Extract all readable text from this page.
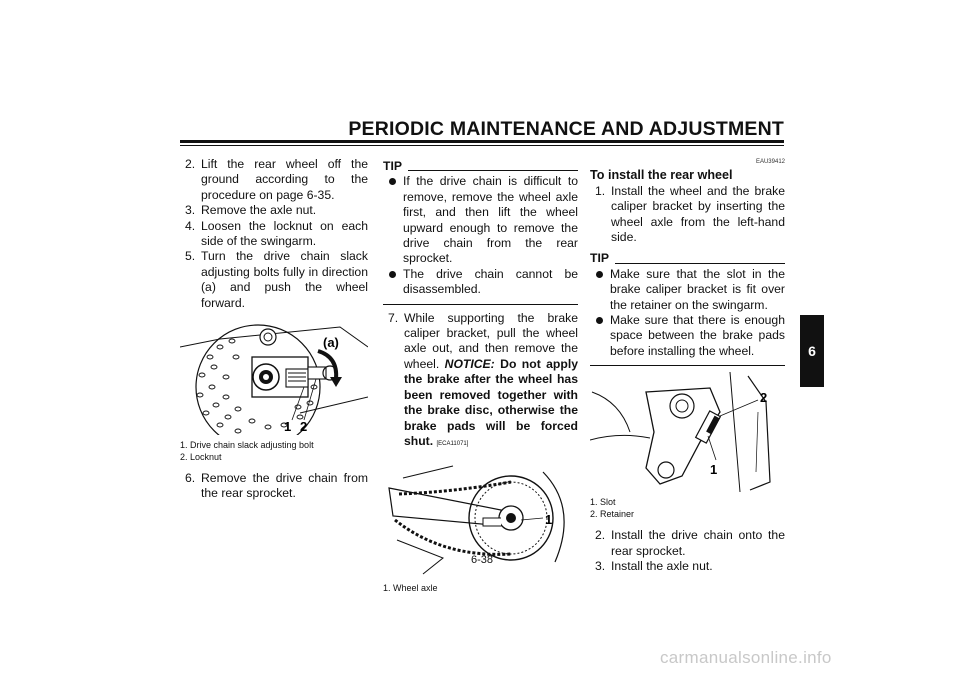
PERIODIC MAINTENANCE AND ADJUSTMENT
6

2. Lift the rear wheel off the ground according to the procedure on page 6-35.

3. Remove the axle nut.

4. Loosen the locknut on each side of the swingarm.

5. Turn the drive chain slack adjusting bolts fully in direction (a) and push the wheel forward.

(a)
1 2
1. Drive chain slack adjusting bolt
2. Locknut

6. Remove the drive chain from the rear sprocket.

TIP

If the drive chain is difficult to remove, remove the wheel axle first, and then lift the wheel upward enough to remove the drive chain from the rear sprocket.

The drive chain cannot be disassembled.

7. While supporting the brake caliper bracket, pull the wheel axle out, and then remove the wheel. NOTICE: Do not apply the brake after the wheel has been removed together with the brake disc, otherwise the brake pads will be forced shut. [ECA11071]

1
1. Wheel axle
EAU39412
To install the rear wheel

1. Install the wheel and the brake caliper bracket by inserting the wheel axle from the left-hand side.

TIP

Make sure that the slot in the brake caliper bracket is fit over the retainer on the swingarm.

Make sure that there is enough space between the brake pads before installing the wheel.

2
1
1. Slot
2. Retainer

2. Install the drive chain onto the rear sprocket.

3. Install the axle nut.

6-38
carmanualsonline.info
